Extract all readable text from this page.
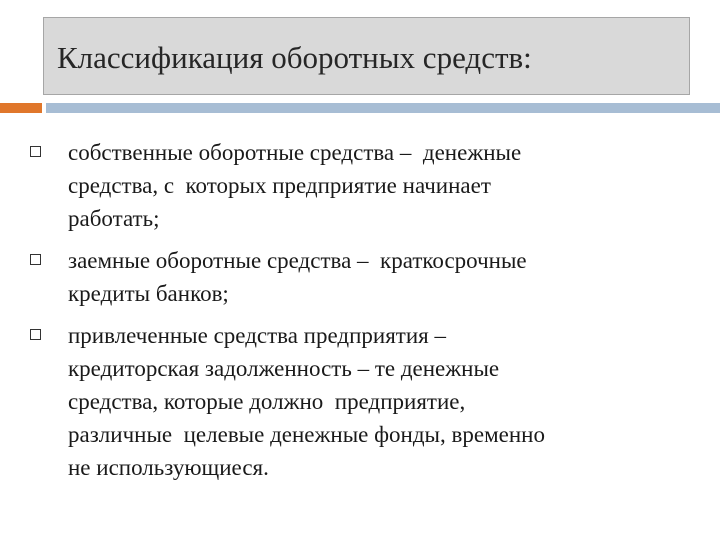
Классификация оборотных средств:
собственные оборотные средства –  денежные
средства, с  которых предприятие начинает
работать;
заемные оборотные средства –  краткосрочные
кредиты банков;
привлеченные средства предприятия –
кредиторская задолженность – те денежные
средства, которые должно  предприятие,
различные  целевые денежные фонды, временно
не использующиеся.
